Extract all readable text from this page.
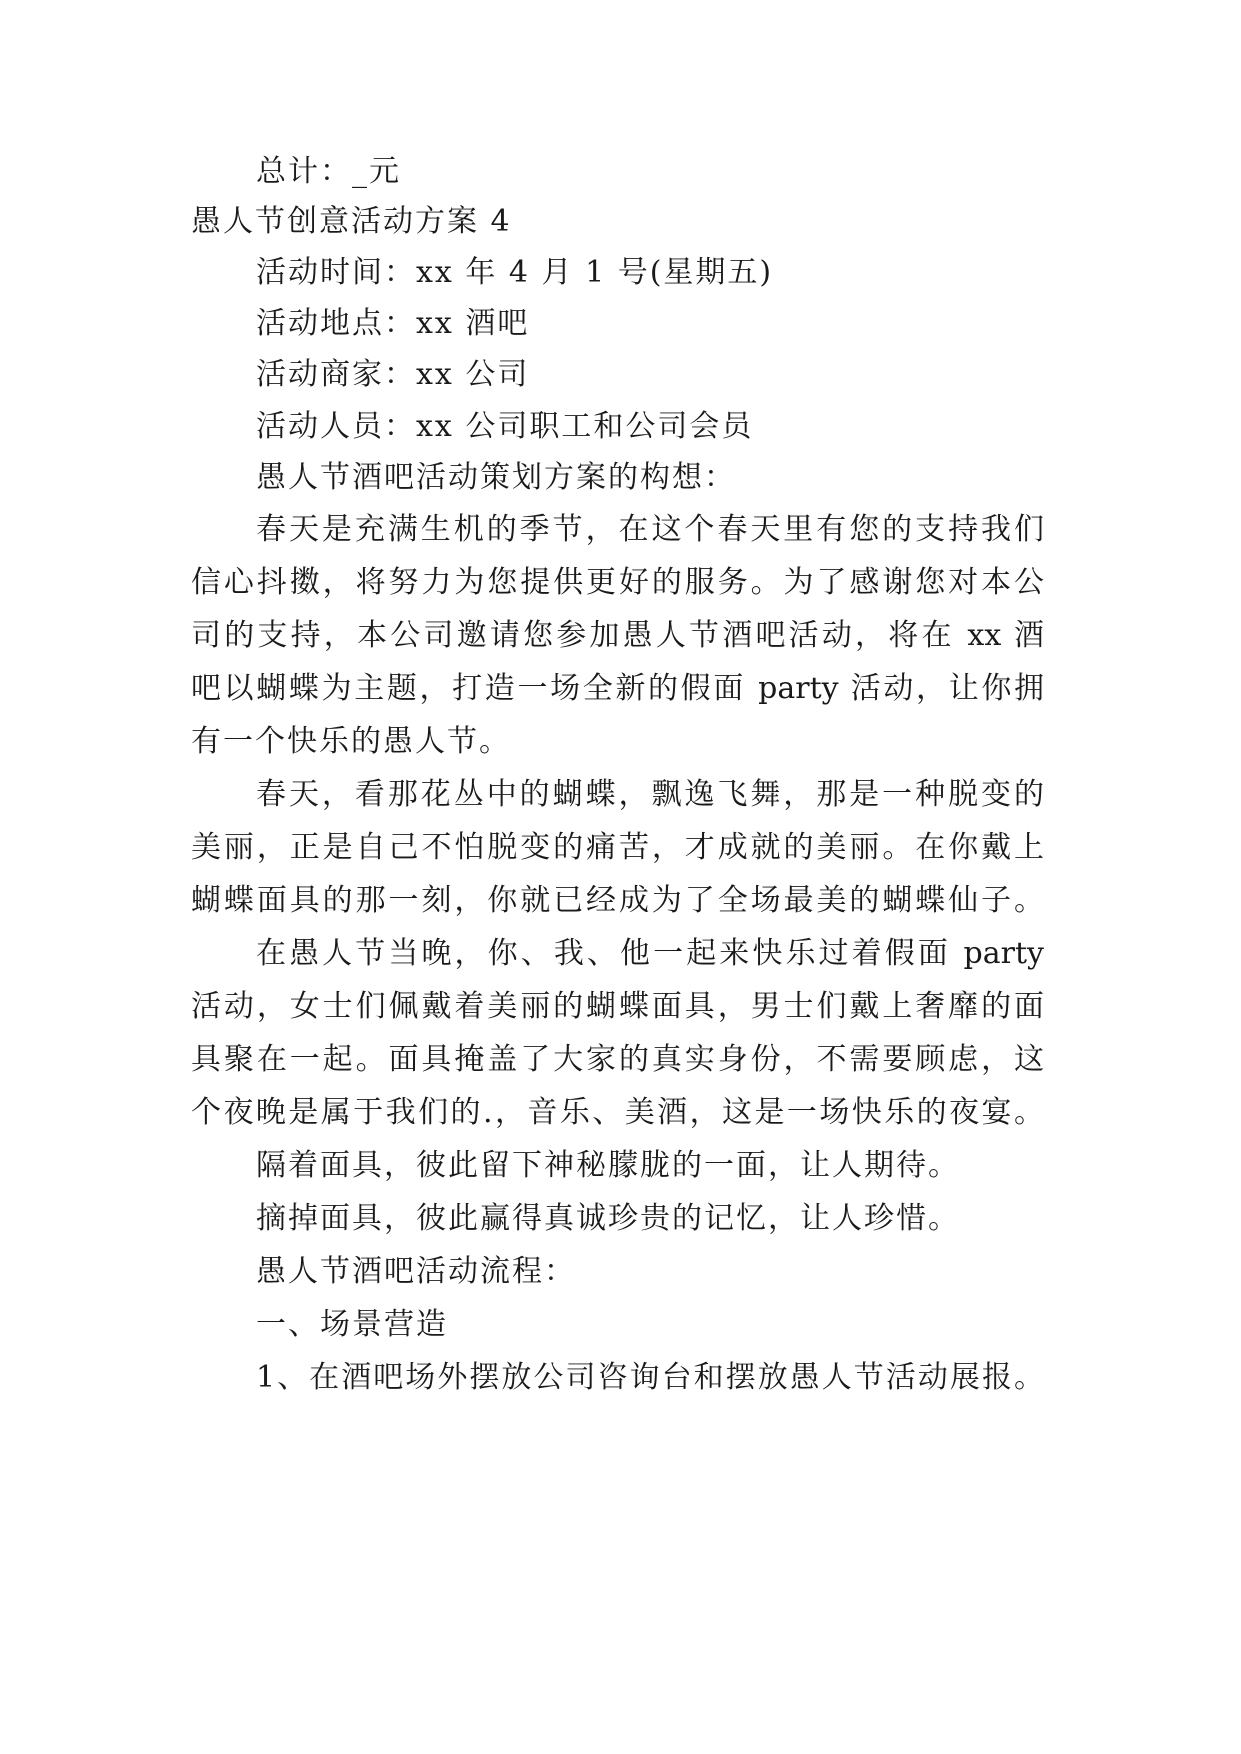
总计：_元
愚人节创意活动方案 4
活动时间：xx 年 4 月 1 号(星期五)
活动地点：xx 酒吧
活动商家：xx 公司
活动人员：xx 公司职工和公司会员
愚人节酒吧活动策划方案的构想：
春天是充满生机的季节，在这个春天里有您的支持我们
信心抖擞，将努力为您提供更好的服务。为了感谢您对本公
司的支持，本公司邀请您参加愚人节酒吧活动，将在 xx 酒
吧以蝴蝶为主题，打造一场全新的假面 party 活动，让你拥
有一个快乐的愚人节。
春天，看那花丛中的蝴蝶，飘逸飞舞，那是一种脱变的
美丽，正是自己不怕脱变的痛苦，才成就的美丽。在你戴上
蝴蝶面具的那一刻，你就已经成为了全场最美的蝴蝶仙子。
在愚人节当晚，你、我、他一起来快乐过着假面 party
活动，女士们佩戴着美丽的蝴蝶面具，男士们戴上奢靡的面
具聚在一起。面具掩盖了大家的真实身份，不需要顾虑，这
个夜晚是属于我们的.，音乐、美酒，这是一场快乐的夜宴。
隔着面具，彼此留下神秘朦胧的一面，让人期待。
摘掉面具，彼此赢得真诚珍贵的记忆，让人珍惜。
愚人节酒吧活动流程：
一、场景营造
1、在酒吧场外摆放公司咨询台和摆放愚人节活动展报。
